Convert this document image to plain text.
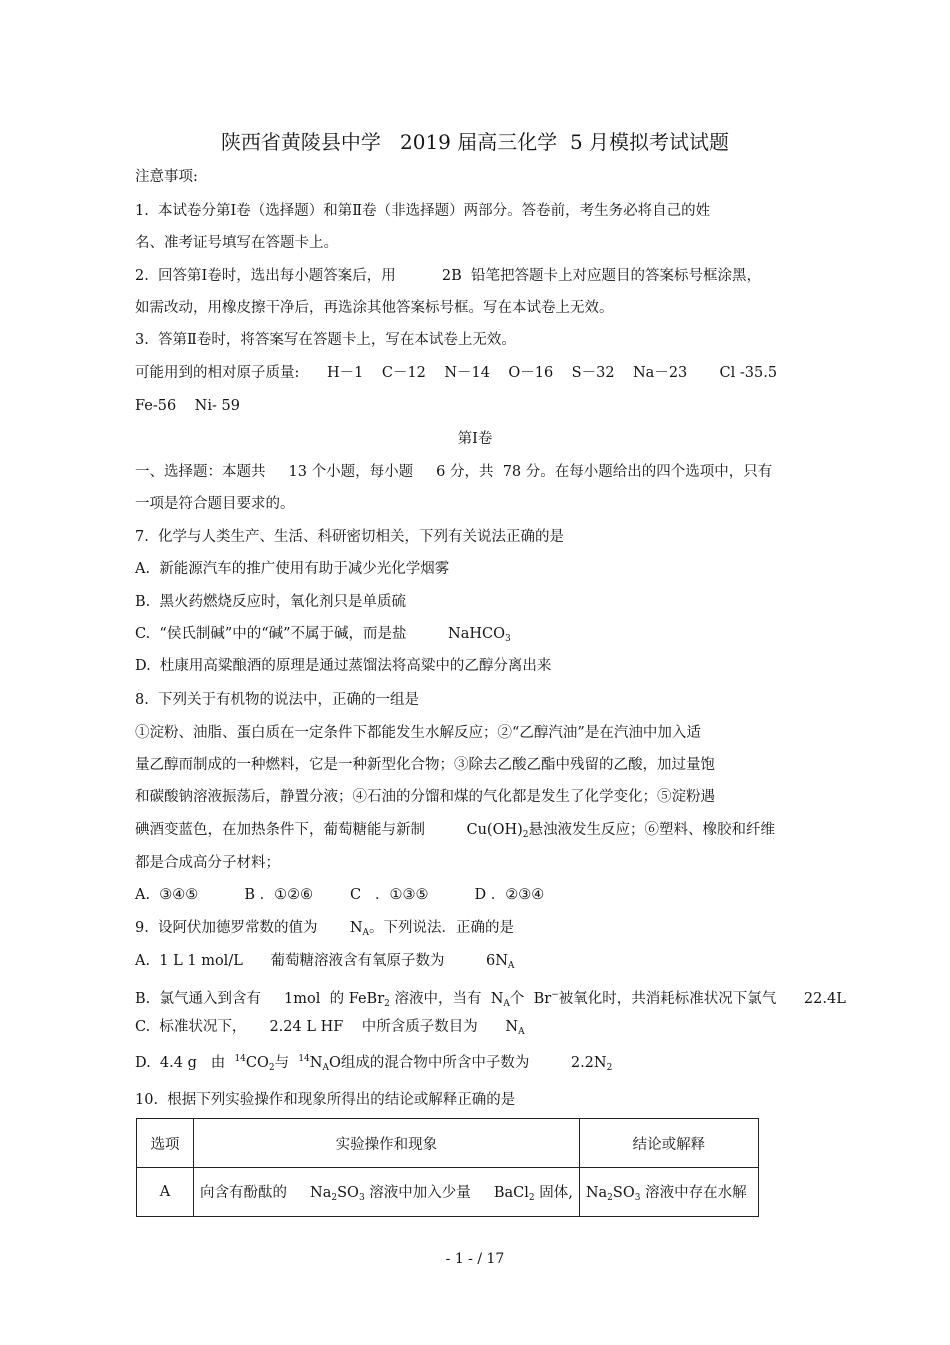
陕西省黄陵县中学   2019 届高三化学  5 月模拟考试试题
注意事项:
1.  本试卷分第Ⅰ卷（选择题）和第Ⅱ卷（非选择题）两部分。答卷前，考生务必将自己的姓
名、准考证号填写在答题卡上。
2.  回答第Ⅰ卷时，选出每小题答案后，用          2B  铅笔把答题卡上对应题目的答案标号框涂黑，
如需改动，用橡皮擦干净后，再选涂其他答案标号框。写在本试卷上无效。
3.  答第Ⅱ卷时，将答案写在答题卡上，写在本试卷上无效。
可能用到的相对原子质量:      H－1    C－12    N－14    O－16    S－32    Na－23       Cl -35.5
Fe-56    Ni- 59
第Ⅰ卷
一、选择题：本题共     13 个小题，每小题     6 分，共  78 分。在每小题给出的四个选项中，只有
一项是符合题目要求的。
7.  化学与人类生产、生活、科研密切相关，下列有关说法正确的是
A.  新能源汽车的推广使用有助于减少光化学烟雾
B.  黑火药燃烧反应时，氧化剂只是单质硫
C.  “侯氏制碱”中的“碱”不属于碱，而是盐         NaHCO$_3$
D.  杜康用高粱酿酒的原理是通过蒸馏法将高粱中的乙醇分离出来
8.  下列关于有机物的说法中，正确的一组是
①淀粉、油脂、蛋白质在一定条件下都能发生水解反应；②“乙醇汽油”是在汽油中加入适
量乙醇而制成的一种燃料，它是一种新型化合物；③除去乙酸乙酯中残留的乙酸，加过量饱
和碳酸钠溶液振荡后，静置分液；④石油的分馏和煤的气化都是发生了化学变化；⑤淀粉遇
碘酒变蓝色，在加热条件下，葡萄糖能与新制         $Cu(OH)_2$悬浊液发生反应；⑥塑料、橡胶和纤维
都是合成高分子材料；
A.  ③④⑤          B ．①②⑥        C   ．①③⑤          D ．②③④
9.  设阿伏加德罗常数的值为       $N_A$。下列说法．正确的是
A.  1 L 1 mol/L      葡萄糖溶液含有氧原子数为         $6N_A$
B.  氯气通入到含有     1mol  的 FeBr$_2$ 溶液中，当有  $N_A$个  Br−被氧化时，共消耗标准状况下氯气      22.4L
C.  标准状况下，     2.24 L HF    中所含质子数目为      $N_A$
D.  4.4 g   由  $^{14}CO_2$与  $^{14}N_AO$组成的混合物中所含中子数为         $2.2N_2$
10.  根据下列实验操作和现象所得出的结论或解释正确的是
选项	实验操作和现象	结论或解释
A	向含有酚酞的     $Na_2SO_3$ 溶液中加入少量     BaCl$_2$ 固体,	$Na_2SO_3$ 溶液中存在水解
- 1 - / 17
